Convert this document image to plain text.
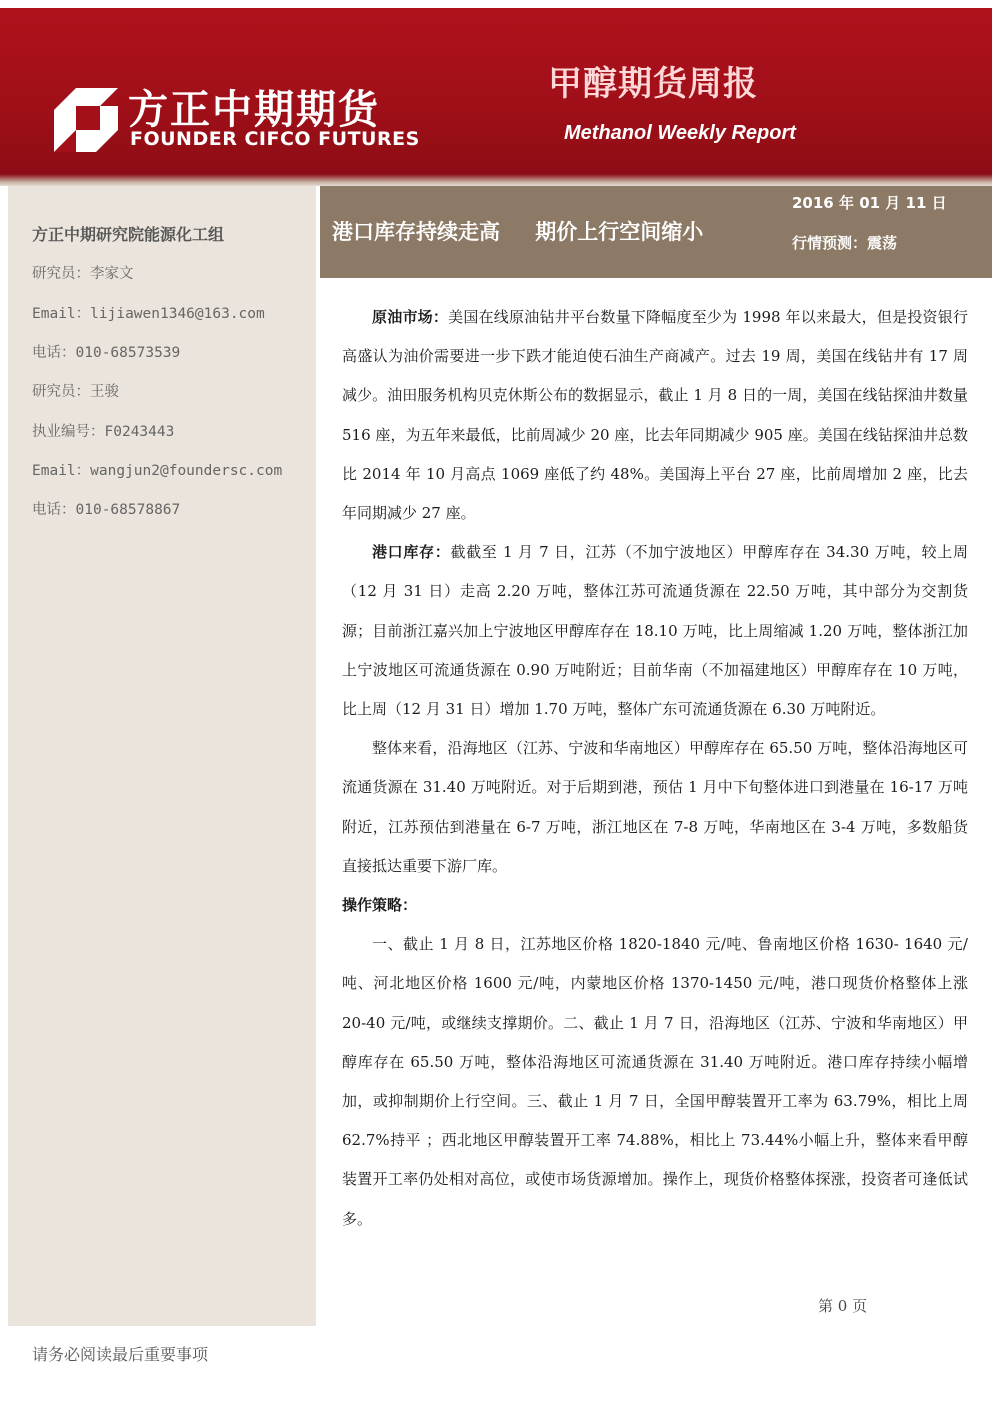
方正中期期货
FOUNDER CIFCO FUTURES
甲醇期货周报
Methanol Weekly Report
方正中期研究院能源化工组
研究员：李家文
Email：lijiawen1346@163.com
电话：010-68573539
研究员：王骏
执业编号：F0243443
Email：wangjun2@foundersc.com
电话：010-68578867
请务必阅读最后重要事项
港口库存持续走高 期价上行空间缩小
2016 年 01 月 11 日
行情预测：震荡

原油市场：美国在线原油钻井平台数量下降幅度至少为 1998 年以来最大，但是投资银行高盛认为油价需要进一步下跌才能迫使石油生产商减产。过去 19 周，美国在线钻井有 17 周减少。油田服务机构贝克休斯公布的数据显示，截止 1 月 8 日的一周，美国在线钻探油井数量 516 座，为五年来最低，比前周减少 20 座，比去年同期减少 905 座。美国在线钻探油井总数比 2014 年 10 月高点 1069 座低了约 48%。美国海上平台 27 座，比前周增加 2 座，比去年同期减少 27 座。

港口库存：截截至 1 月 7 日，江苏（不加宁波地区）甲醇库存在 34.30 万吨，较上周（12 月 31 日）走高 2.20 万吨，整体江苏可流通货源在 22.50 万吨，其中部分为交割货源；目前浙江嘉兴加上宁波地区甲醇库存在 18.10 万吨，比上周缩减 1.20 万吨，整体浙江加上宁波地区可流通货源在 0.90 万吨附近；目前华南（不加福建地区）甲醇库存在 10 万吨，比上周（12 月 31 日）增加 1.70 万吨，整体广东可流通货源在 6.30 万吨附近。

整体来看，沿海地区（江苏、宁波和华南地区）甲醇库存在 65.50 万吨，整体沿海地区可流通货源在 31.40 万吨附近。对于后期到港，预估 1 月中下旬整体进口到港量在 16-17 万吨附近，江苏预估到港量在 6-7 万吨，浙江地区在 7-8 万吨，华南地区在 3-4 万吨，多数船货直接抵达重要下游厂库。

操作策略：

一、截止 1 月 8 日，江苏地区价格 1820-1840 元/吨、鲁南地区价格 1630- 1640 元/吨、河北地区价格 1600 元/吨，内蒙地区价格 1370-1450 元/吨，港口现货价格整体上涨 20-40 元/吨，或继续支撑期价。二、截止 1 月 7 日，沿海地区（江苏、宁波和华南地区）甲醇库存在 65.50 万吨，整体沿海地区可流通货源在 31.40 万吨附近。港口库存持续小幅增加，或抑制期价上行空间。三、截止 1 月 7 日，全国甲醇装置开工率为 63.79%，相比上周 62.7%持平 ；西北地区甲醇装置开工率 74.88%，相比上 73.44%小幅上升，整体来看甲醇装置开工率仍处相对高位，或使市场货源增加。操作上，现货价格整体探涨，投资者可逢低试多。

第 0 页
